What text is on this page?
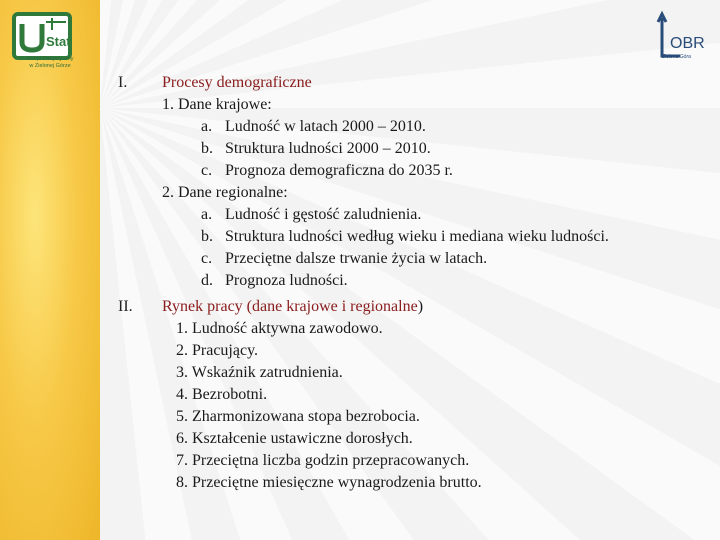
Stat
Urząd Statystyczny
w Zielonej Górze
OBR
Zielona Góra
I. Procesy demograficzne
1. Dane krajowe:
a. Ludność w latach 2000 – 2010.
b. Struktura ludności 2000 – 2010.
c. Prognoza demograficzna do 2035 r.
2. Dane regionalne:
a. Ludność i gęstość zaludnienia.
b. Struktura ludności według wieku i mediana wieku ludności.
c. Przeciętne dalsze trwanie życia w latach.
d. Prognoza ludności.
II. Rynek pracy (dane krajowe i regionalne)
1. Ludność aktywna zawodowo.
2. Pracujący.
3. Wskaźnik zatrudnienia.
4. Bezrobotni.
5. Zharmonizowana stopa bezrobocia.
6. Kształcenie ustawiczne dorosłych.
7. Przeciętna liczba godzin przepracowanych.
8. Przeciętne miesięczne wynagrodzenia brutto.
